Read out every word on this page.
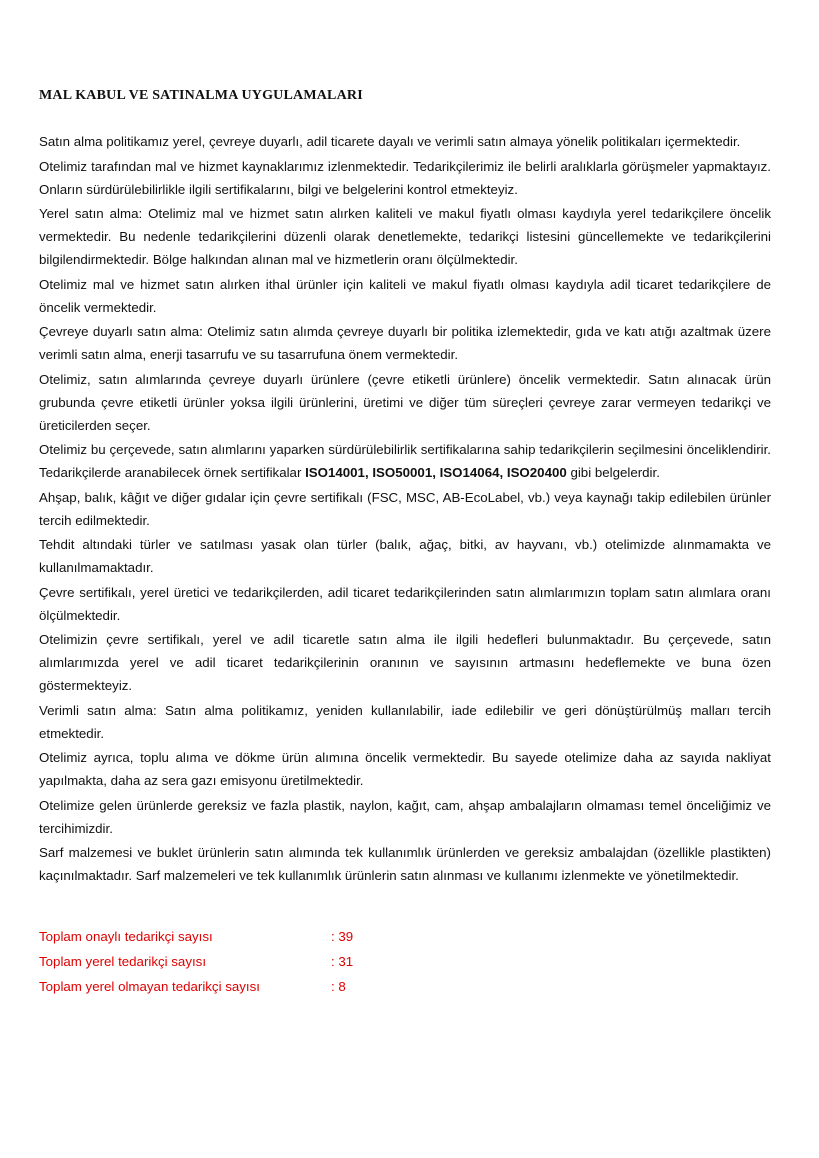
MAL KABUL VE SATINALMA UYGULAMALARI

Satın alma politikamız yerel, çevreye duyarlı, adil ticarete dayalı ve verimli satın almaya yönelik politikaları içermektedir.

Otelimiz tarafından mal ve hizmet kaynaklarımız izlenmektedir. Tedarikçilerimiz ile belirli aralıklarla görüşmeler yapmaktayız. Onların sürdürülebilirlikle ilgili sertifikalarını, bilgi ve belgelerini kontrol etmekteyiz.

Yerel satın alma: Otelimiz mal ve hizmet satın alırken kaliteli ve makul fiyatlı olması kaydıyla yerel tedarikçilere öncelik vermektedir. Bu nedenle tedarikçilerini düzenli olarak denetlemekte, tedarikçi listesini güncellemekte ve tedarikçilerini bilgilendirmektedir. Bölge halkından alınan mal ve hizmetlerin oranı ölçülmektedir.

Otelimiz mal ve hizmet satın alırken ithal ürünler için kaliteli ve makul fiyatlı olması kaydıyla adil ticaret tedarikçilere de öncelik vermektedir.

Çevreye duyarlı satın alma: Otelimiz satın alımda çevreye duyarlı bir politika izlemektedir, gıda ve katı atığı azaltmak üzere verimli satın alma, enerji tasarrufu ve su tasarrufuna önem vermektedir.

Otelimiz, satın alımlarında çevreye duyarlı ürünlere (çevre etiketli ürünlere) öncelik vermektedir. Satın alınacak ürün grubunda çevre etiketli ürünler yoksa ilgili ürünlerini, üretimi ve diğer tüm süreçleri çevreye zarar vermeyen tedarikçi ve üreticilerden seçer.

Otelimiz bu çerçevede, satın alımlarını yaparken sürdürülebilirlik sertifikalarına sahip tedarikçilerin seçilmesini önceliklendirir. Tedarikçilerde aranabilecek örnek sertifikalar ISO14001, ISO50001, ISO14064, ISO20400 gibi belgelerdir.

Ahşap, balık, kâğıt ve diğer gıdalar için çevre sertifikalı (FSC, MSC, AB-EcoLabel, vb.) veya kaynağı takip edilebilen ürünler tercih edilmektedir.

Tehdit altındaki türler ve satılması yasak olan türler (balık, ağaç, bitki, av hayvanı, vb.) otelimizde alınmamakta ve kullanılmamaktadır.

Çevre sertifikalı, yerel üretici ve tedarikçilerden, adil ticaret tedarikçilerinden satın alımlarımızın toplam satın alımlara oranı ölçülmektedir.

Otelimizin çevre sertifikalı, yerel ve adil ticaretle satın alma ile ilgili hedefleri bulunmaktadır. Bu çerçevede, satın alımlarımızda yerel ve adil ticaret tedarikçilerinin oranının ve sayısının artmasını hedeflemekte ve buna özen göstermekteyiz.

Verimli satın alma: Satın alma politikamız, yeniden kullanılabilir, iade edilebilir ve geri dönüştürülmüş malları tercih etmektedir.

Otelimiz ayrıca, toplu alıma ve dökme ürün alımına öncelik vermektedir. Bu sayede otelimize daha az sayıda nakliyat yapılmakta, daha az sera gazı emisyonu üretilmektedir.

Otelimize gelen ürünlerde gereksiz ve fazla plastik, naylon, kağıt, cam, ahşap ambalajların olmaması temel önceliğimiz ve tercihimizdir.

Sarf malzemesi ve buklet ürünlerin satın alımında tek kullanımlık ürünlerden ve gereksiz ambalajdan (özellikle plastikten) kaçınılmaktadır. Sarf malzemeleri ve tek kullanımlık ürünlerin satın alınması ve kullanımı izlenmekte ve yönetilmektedir.

Toplam onaylı tedarikçi sayısı	: 39
Toplam yerel tedarikçi sayısı	: 31
Toplam yerel olmayan tedarikçi sayısı	: 8
